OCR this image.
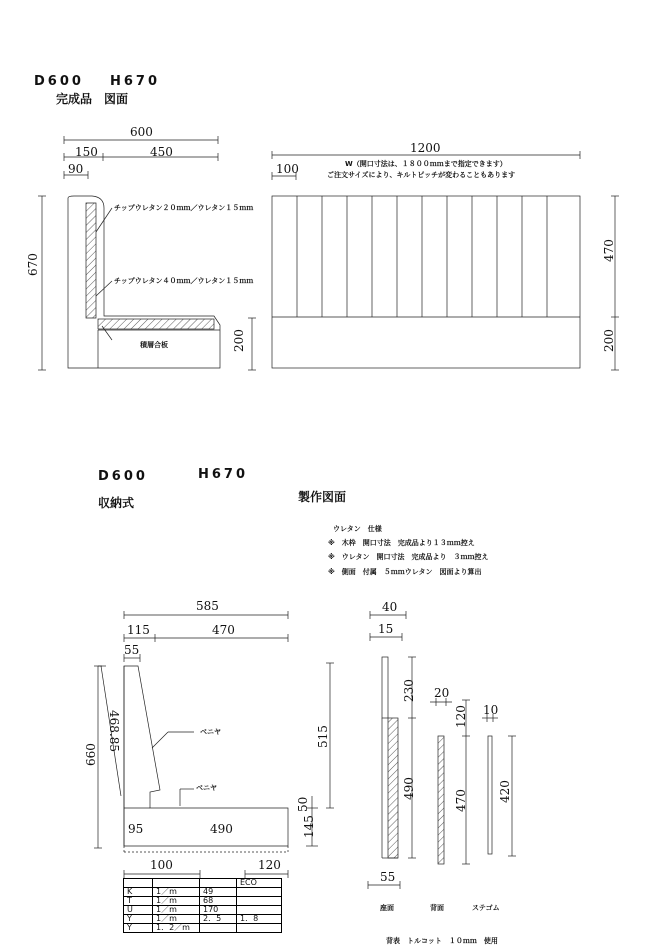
D600 H670
完成品　図面
600
150	450
90
1200
100
670
200
470
200
チップウレタン２０ｍｍ／ウレタン１５ｍｍ
チップウレタン４０ｍｍ／ウレタン１５ｍｍ
積層合板
W（開口寸法は、１８００ｍｍまで指定できます）
ご注文サイズにより、キルトピッチが変わることもあります
D600	H670
収納式	製作図面
ウレタン　仕様
※　木枠　開口寸法　完成品より１３ｍｍ控え
※　ウレタン　開口寸法　完成品より　３ｍｍ控え
※　側面　付属　５ｍｍウレタン　図面より算出
585
115	470
55
468.85
660
515
50
145
95	490
100	120
ベニヤ
ベニヤ
40
15
230
490
20
120
470
10
420
55
座面	背面	ステゴム
背表　トルコット　１０ｍｍ　使用
			ECO
K	1／m	49	
T	1／m	68	
U	1／m	170	
Y	1／m	2．5	1．8
Y	1．2／m		
